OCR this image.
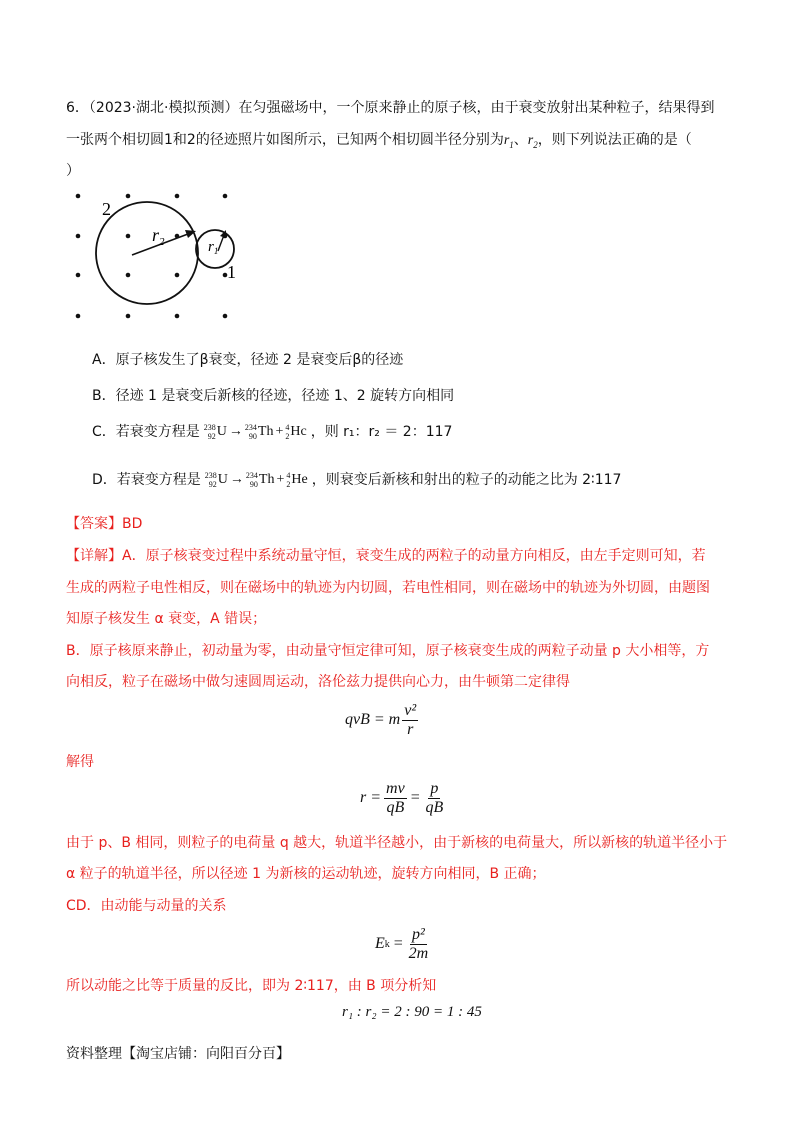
6．（2023·湖北·模拟预测）在匀强磁场中，一个原来静止的原子核，由于衰变放射出某种粒子，结果得到
一张两个相切圆1和2的径迹照片如图所示，已知两个相切圆半径分别为$r_1$、$r_2$，则下列说法正确的是（
）
2
1
$r_2$	$r_1$
A．原子核发生了β衰变，径迹 2 是衰变后β的径迹
B．径迹 1 是衰变后新核的径迹，径迹 1、2 旋转方向相同
C．若衰变方程是 238
92 U → 234
90 Th + 4
2 Hc ，则 r₁：r₂ ＝ 2：117
D．若衰变方程是 238
92 U → 234
90 Th + 4
2 He ，则衰变后新核和射出的粒子的动能之比为 2∶117
【答案】BD
【详解】A．原子核衰变过程中系统动量守恒，衰变生成的两粒子的动量方向相反，由左手定则可知，若
生成的两粒子电性相反，则在磁场中的轨迹为内切圆，若电性相同，则在磁场中的轨迹为外切圆，由题图
知原子核发生 α 衰变，A 错误；
B．原子核原来静止，初动量为零，由动量守恒定律可知，原子核衰变生成的两粒子动量 p 大小相等，方
向相反，粒子在磁场中做匀速圆周运动，洛伦兹力提供向心力，由牛顿第二定律得
qvB = m $\frac{\text{v²}}{r}$
解得
$r = \frac{mv}{qB} = \frac{p}{qB}$
由于 p、B 相同，则粒子的电荷量 q 越大，轨道半径越小，由于新核的电荷量大，所以新核的轨道半径小于
α 粒子的轨道半径，所以径迹 1 为新核的运动轨迹，旋转方向相同，B 正确；
CD．由动能与动量的关系
E $k = \frac{\text{p²}}{2m}$
所以动能之比等于质量的反比，即为 2∶117，由 B 项分析知
r₁ : r₂ = 2 : 90 = 1 : 45
资料整理【淘宝店铺：向阳百分百】
